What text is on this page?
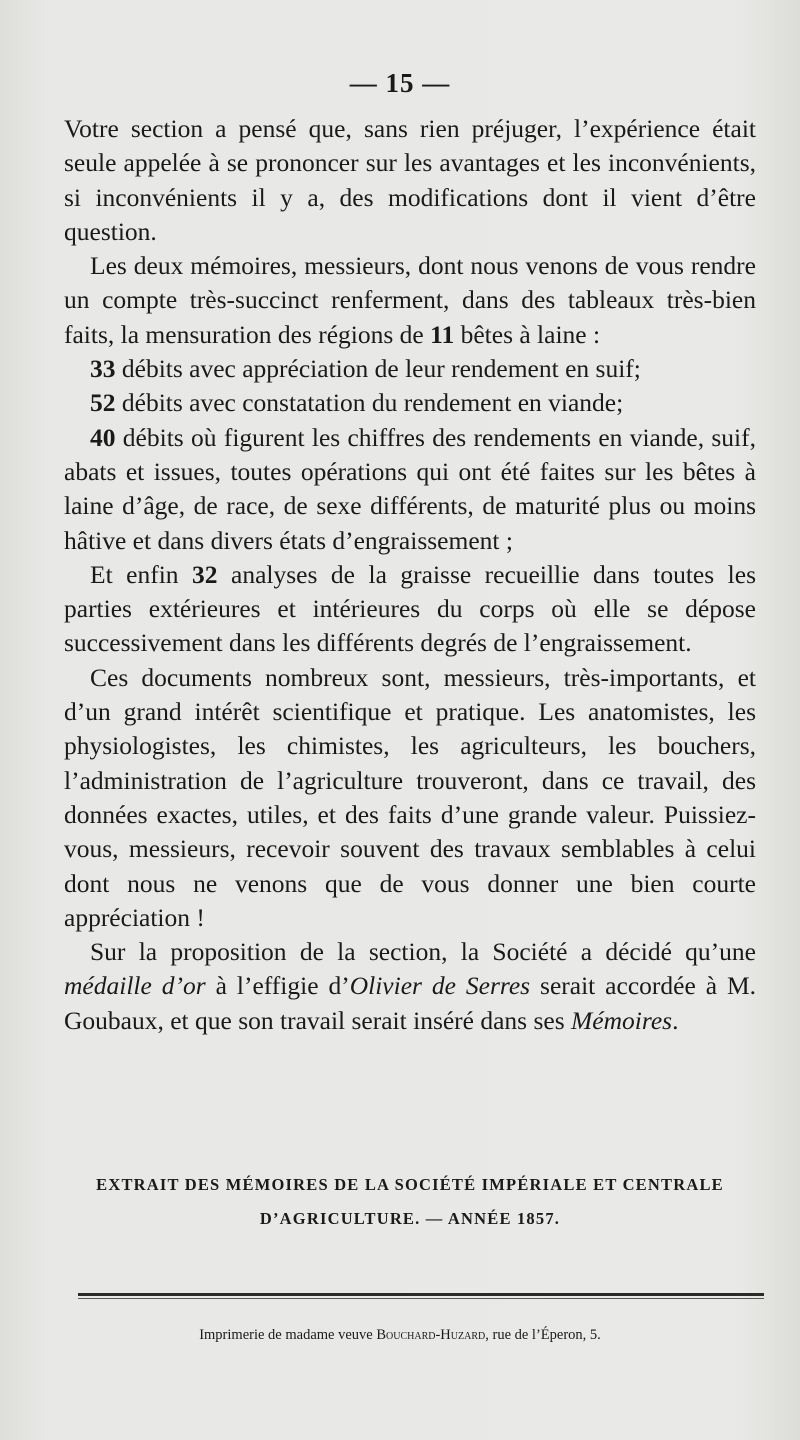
— 15 —

Votre section a pensé que, sans rien préjuger, l’expérience était seule appelée à se prononcer sur les avantages et les inconvénients, si inconvénients il y a, des modifications dont il vient d’être question.

Les deux mémoires, messieurs, dont nous venons de vous rendre un compte très-succinct renferment, dans des tableaux très-bien faits, la mensuration des régions de 11 bêtes à laine :

33 débits avec appréciation de leur rendement en suif;

52 débits avec constatation du rendement en viande;

40 débits où figurent les chiffres des rendements en viande, suif, abats et issues, toutes opérations qui ont été faites sur les bêtes à laine d’âge, de race, de sexe différents, de maturité plus ou moins hâtive et dans divers états d’engraissement ;

Et enfin 32 analyses de la graisse recueillie dans toutes les parties extérieures et intérieures du corps où elle se dépose successivement dans les différents degrés de l’engraissement.

Ces documents nombreux sont, messieurs, très-importants, et d’un grand intérêt scientifique et pratique. Les anatomistes, les physiologistes, les chimistes, les agriculteurs, les bouchers, l’administration de l’agriculture trouveront, dans ce travail, des données exactes, utiles, et des faits d’une grande valeur. Puissiez-vous, messieurs, recevoir souvent des travaux semblables à celui dont nous ne venons que de vous donner une bien courte appréciation !

Sur la proposition de la section, la Société a décidé qu’une médaille d’or à l’effigie d’Olivier de Serres serait accordée à M. Goubaux, et que son travail serait inséré dans ses Mémoires.

EXTRAIT DES MÉMOIRES DE LA SOCIÉTÉ IMPÉRIALE ET CENTRALE
D’AGRICULTURE. — ANNÉE 1857.
Imprimerie de madame veuve Bouchard-Huzard, rue de l’Éperon, 5.
